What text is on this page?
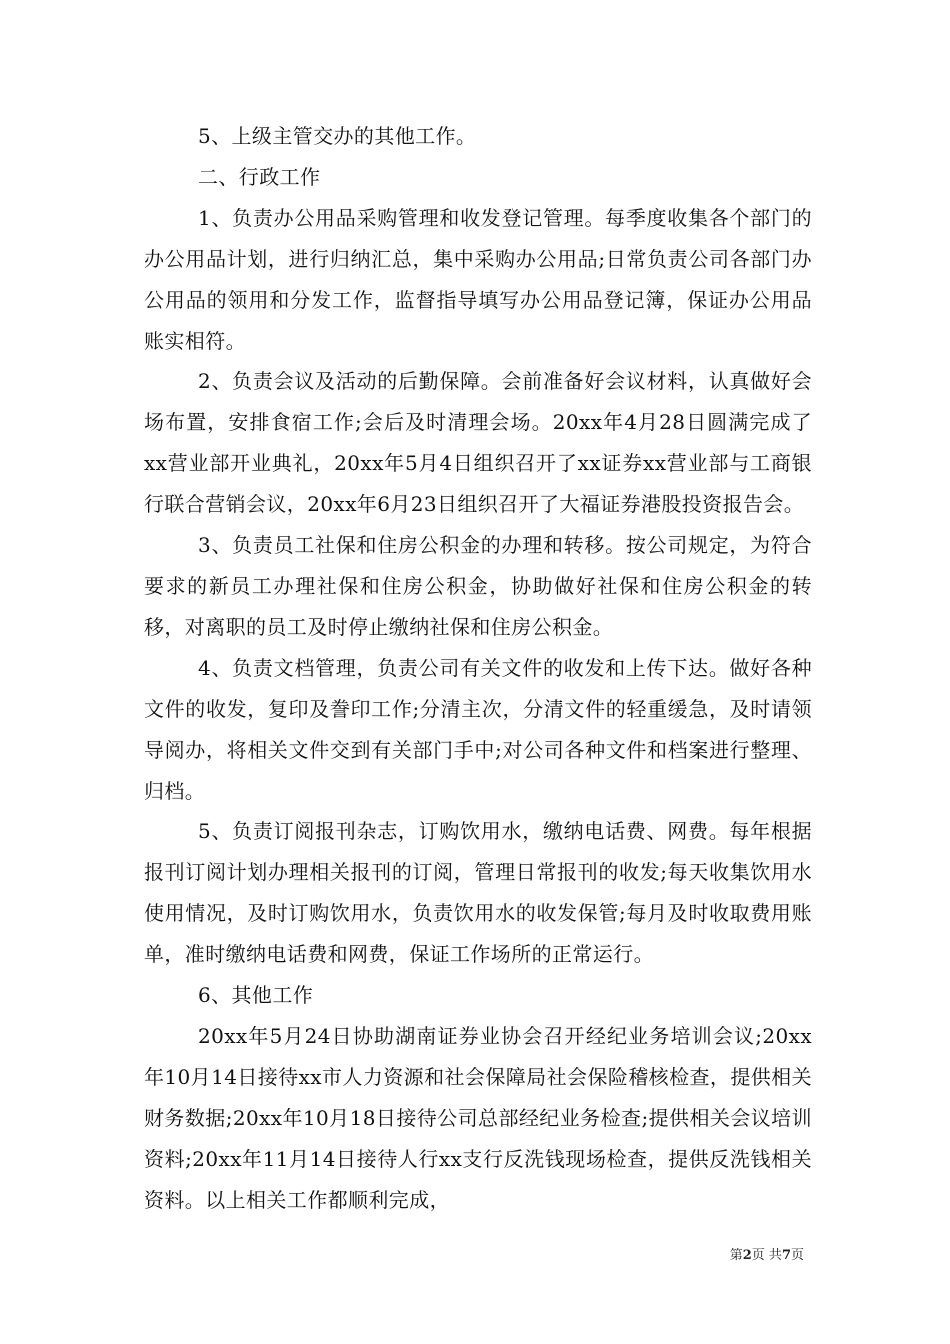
5、上级主管交办的其他工作。

二、行政工作

1、负责办公用品采购管理和收发登记管理。每季度收集各个部门的办公用品计划，进行归纳汇总，集中采购办公用品;日常负责公司各部门办公用品的领用和分发工作，监督指导填写办公用品登记簿，保证办公用品账实相符。

2、负责会议及活动的后勤保障。会前准备好会议材料，认真做好会场布置，安排食宿工作;会后及时清理会场。20xx年4月28日圆满完成了xx营业部开业典礼，20xx年5月4日组织召开了xx证券xx营业部与工商银行联合营销会议，20xx年6月23日组织召开了大福证券港股投资报告会。

3、负责员工社保和住房公积金的办理和转移。按公司规定，为符合要求的新员工办理社保和住房公积金，协助做好社保和住房公积金的转移，对离职的员工及时停止缴纳社保和住房公积金。

4、负责文档管理，负责公司有关文件的收发和上传下达。做好各种文件的收发，复印及誊印工作;分清主次，分清文件的轻重缓急，及时请领导阅办，将相关文件交到有关部门手中;对公司各种文件和档案进行整理、归档。

5、负责订阅报刊杂志，订购饮用水，缴纳电话费、网费。每年根据报刊订阅计划办理相关报刊的订阅，管理日常报刊的收发;每天收集饮用水使用情况，及时订购饮用水，负责饮用水的收发保管;每月及时收取费用账单，准时缴纳电话费和网费，保证工作场所的正常运行。

6、其他工作

20xx年5月24日协助湖南证券业协会召开经纪业务培训会议;20xx年10月14日接待xx市人力资源和社会保障局社会保险稽核检查，提供相关财务数据;20xx年10月18日接待公司总部经纪业务检查;提供相关会议培训资料;20xx年11月14日接待人行xx支行反洗钱现场检查，提供反洗钱相关资料。以上相关工作都顺利完成，

第2页 共7页
